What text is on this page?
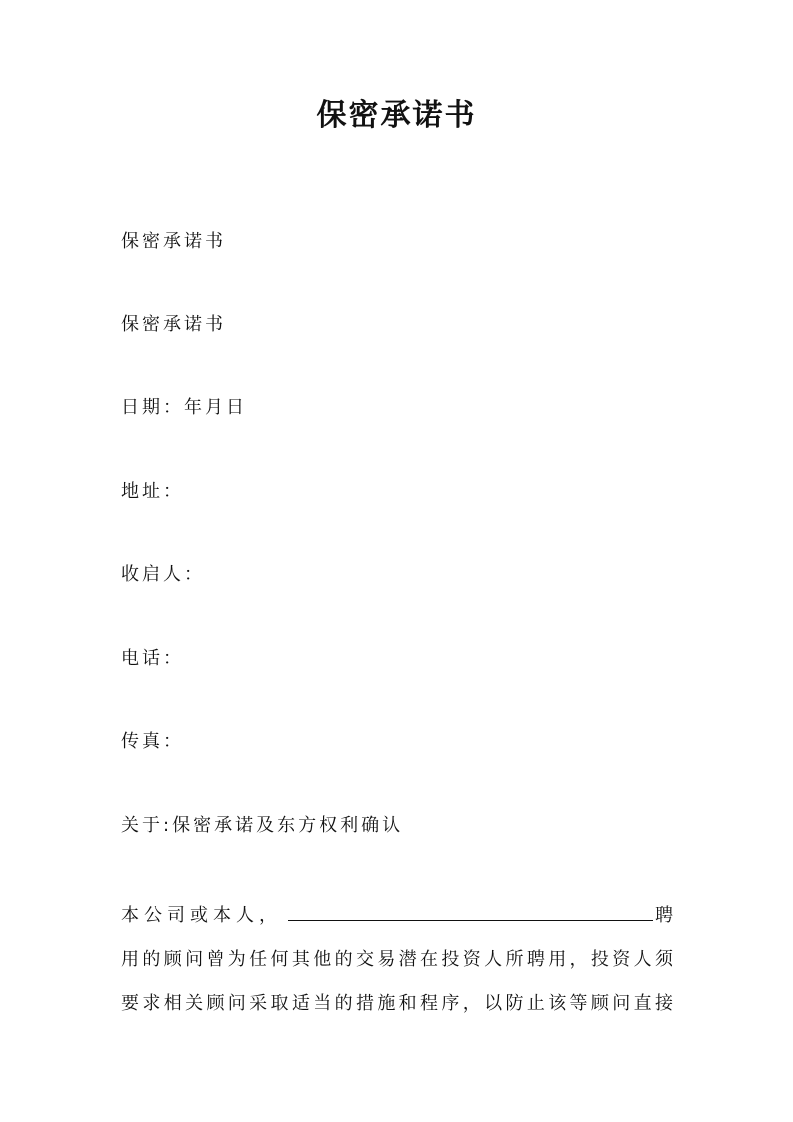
保密承诺书
保密承诺书
保密承诺书
日期：年月日
地址：
收启人：
电话：
传真：
关于:保密承诺及东方权利确认
本公司或本人，	聘
用 的 顾 问 曾 为 任 何 其 他 的 交 易 潜 在 投 资 人 所 聘 用 ， 投 资 人 须
要 求 相 关 顾 问 采 取 适 当 的 措 施 和 程 序 ， 以 防 止 该 等 顾 问 直 接
